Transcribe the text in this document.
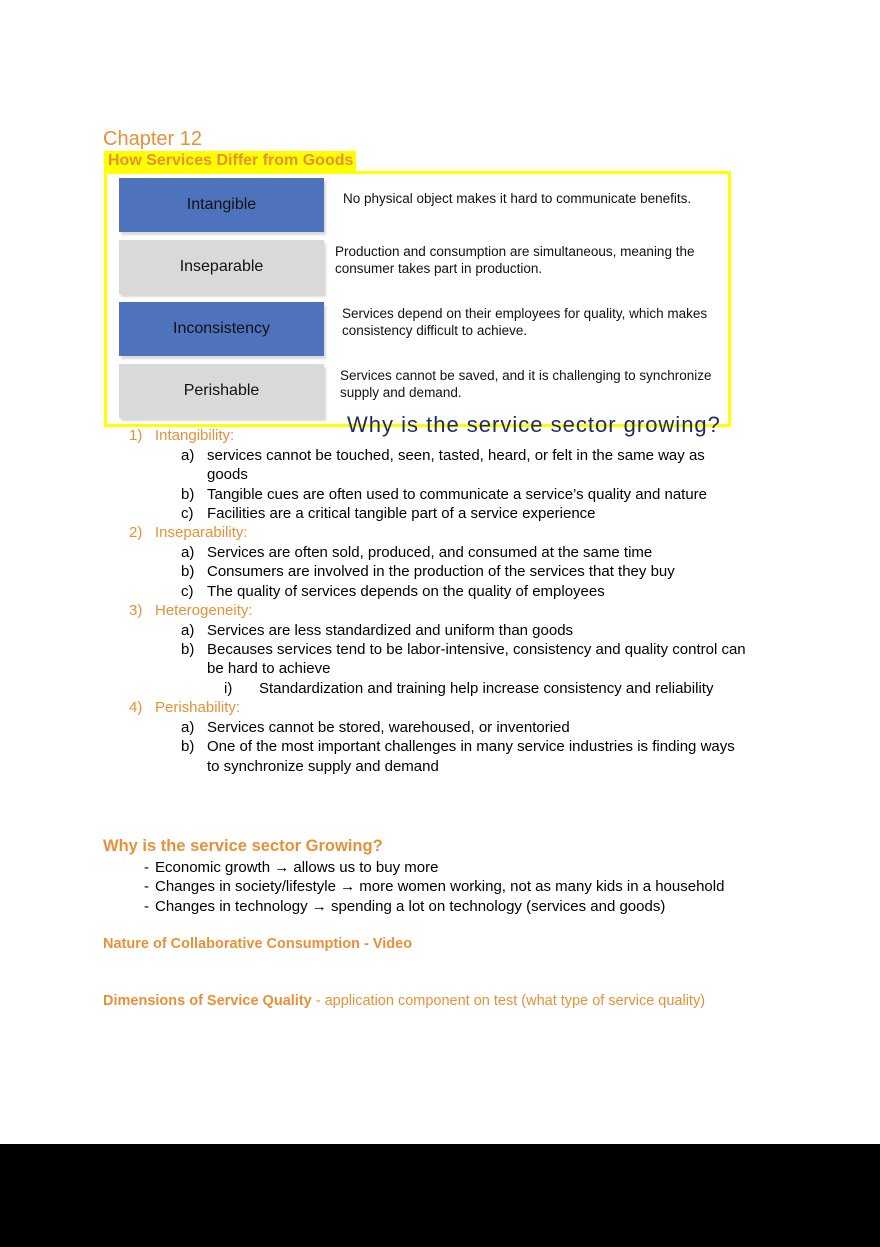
Chapter 12
How Services Differ from Goods
Intangible	No physical object makes it hard to communicate benefits.
Inseparable
Production and consumption are simultaneous, meaning the
consumer takes part in production.
Inconsistency
Services depend on their employees for quality, which makes
consistency difficult to achieve.
Perishable
Services cannot be saved, and it is challenging to synchronize
supply and demand.
Why is the service sector growing?
1) Intangibility:
a) services cannot be touched, seen, tasted, heard, or felt in the same way as
goods
b) Tangible cues are often used to communicate a service’s quality and nature
c) Facilities are a critical tangible part of a service experience
2) Inseparability:
a) Services are often sold, produced, and consumed at the same time
b) Consumers are involved in the production of the services that they buy
c) The quality of services depends on the quality of employees
3) Heterogeneity:
a) Services are less standardized and uniform than goods
b) Becauses services tend to be labor-intensive, consistency and quality control can
be hard to achieve
i) Standardization and training help increase consistency and reliability
4) Perishability:
a) Services cannot be stored, warehoused, or inventoried
b) One of the most important challenges in many service industries is finding ways
to synchronize supply and demand
Why is the service sector Growing?
- Economic growth → allows us to buy more
- Changes in society/lifestyle → more women working, not as many kids in a household
- Changes in technology → spending a lot on technology (services and goods)
Nature of Collaborative Consumption - Video
Dimensions of Service Quality - application component on test (what type of service quality)
